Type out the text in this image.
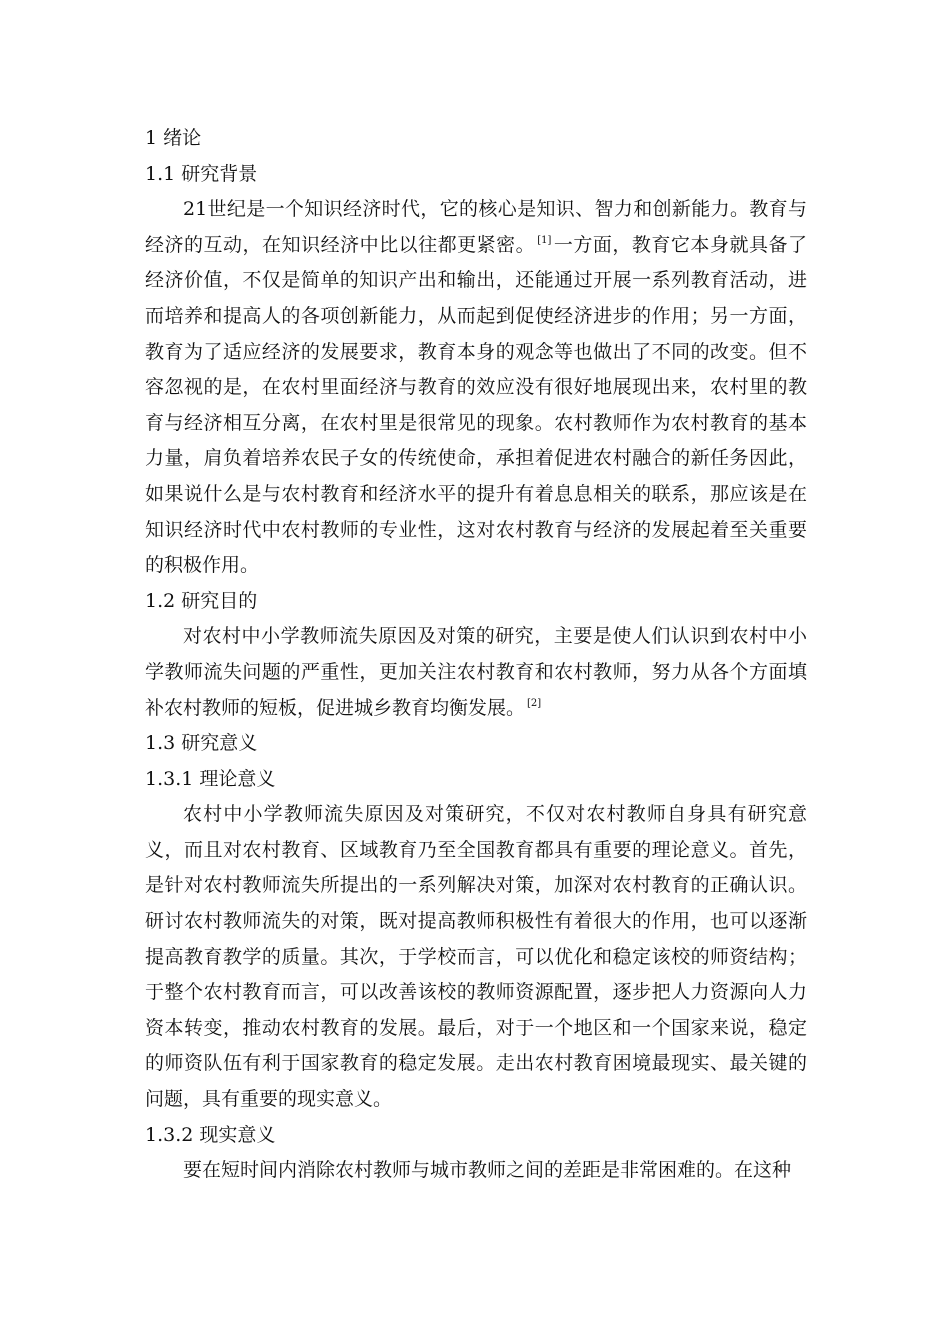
1 绪论

1.1 研究背景

21世纪是一个知识经济时代，它的核心是知识、智力和创新能力。教育与经济的互动，在知识经济中比以往都更紧密。 [1] 一方面，教育它本身就具备了经济价值，不仅是简单的知识产出和输出，还能通过开展一系列教育活动，进而培养和提高人的各项创新能力，从而起到促使经济进步的作用；另一方面，教育为了适应经济的发展要求，教育本身的观念等也做出了不同的改变。但不容忽视的是，在农村里面经济与教育的效应没有很好地展现出来，农村里的教育与经济相互分离，在农村里是很常见的现象。农村教师作为农村教育的基本力量，肩负着培养农民子女的传统使命，承担着促进农村融合的新任务因此，如果说什么是与农村教育和经济水平的提升有着息息相关的联系，那应该是在知识经济时代中农村教师的专业性，这对农村教育与经济的发展起着至关重要的积极作用。

1.2 研究目的

对农村中小学教师流失原因及对策的研究，主要是使人们认识到农村中小学教师流失问题的严重性，更加关注农村教育和农村教师，努力从各个方面填补农村教师的短板，促进城乡教育均衡发展。 [2]

1.3 研究意义

1.3.1 理论意义

农村中小学教师流失原因及对策研究，不仅对农村教师自身具有研究意义，而且对农村教育、区域教育乃至全国教育都具有重要的理论意义。首先，是针对农村教师流失所提出的一系列解决对策，加深对农村教育的正确认识。研讨农村教师流失的对策，既对提高教师积极性有着很大的作用，也可以逐渐提高教育教学的质量。其次，于学校而言，可以优化和稳定该校的师资结构；于整个农村教育而言，可以改善该校的教师资源配置，逐步把人力资源向人力资本转变，推动农村教育的发展。最后，对于一个地区和一个国家来说，稳定的师资队伍有利于国家教育的稳定发展。走出农村教育困境最现实、最关键的问题，具有重要的现实意义。

1.3.2 现实意义

要在短时间内消除农村教师与城市教师之间的差距是非常困难的。在这种
